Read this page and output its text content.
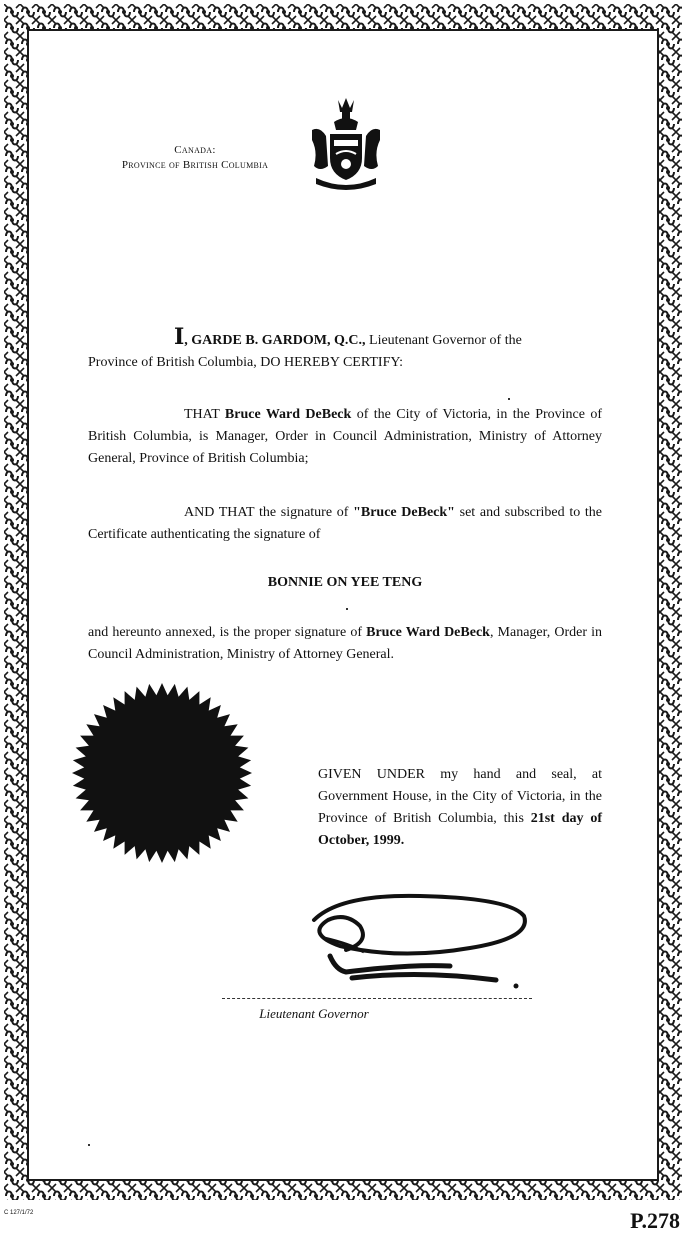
Canada:
Province of British Columbia

I, GARDE B. GARDOM, Q.C., Lieutenant Governor of the

Province of British Columbia, DO HEREBY CERTIFY:

THAT Bruce Ward DeBeck of the City of Victoria, in the Province of British Columbia, is Manager, Order in Council Administration, Ministry of Attorney General, Province of British Columbia;

AND THAT the signature of "Bruce DeBeck" set and subscribed to the Certificate authenticating the signature of

BONNIE ON YEE TENG

and hereunto annexed, is the proper signature of Bruce Ward DeBeck, Manager, Order in Council Administration, Ministry of Attorney General.

GIVEN UNDER my hand and seal, at Government House, in the City of Victoria, in the Province of British Columbia, this 21st day of October, 1999.
Lieutenant Governor
C 127/1/72	P.278
